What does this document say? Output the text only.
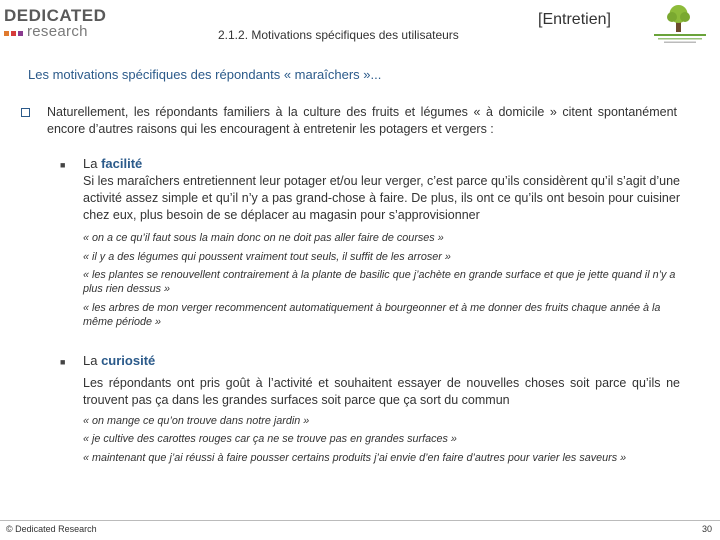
DEDICATED
research	2.1.2. Motivations spécifiques des utilisateurs
[Entretien]
Les motivations spécifiques des répondants « maraîchers »...
Naturellement, les répondants familiers à la culture des fruits et légumes « à domicile » citent spontanément encore d’autres raisons qui les encouragent à entretenir les potagers et vergers :
■ La facilité
Si les maraîchers entretiennent leur potager et/ou leur verger, c’est parce qu’ils considèrent qu’il s’agit d’une activité assez simple et qu’il n’y a pas grand-chose à faire. De plus, ils ont ce qu’ils ont besoin pour cuisiner chez eux, plus besoin de se déplacer au magasin pour s’approvisionner
« on a ce qu’il faut sous la main donc on ne doit pas aller faire de courses »
« il y a des légumes qui poussent vraiment tout seuls, il suffit de les arroser »
« les plantes se renouvellent contrairement à la plante de basilic que j’achète en grande surface et que je jette quand il n’y a plus rien dessus »
« les arbres de mon verger recommencent automatiquement à bourgeonner et à me donner des fruits chaque année à la même période »
■ La curiosité
Les répondants ont pris goût à l’activité et souhaitent essayer de nouvelles choses soit parce qu’ils ne trouvent pas ça dans les grandes surfaces soit parce que ça sort du commun
« on mange ce qu’on trouve dans notre jardin »
« je cultive des carottes rouges car ça ne se trouve pas en grandes surfaces »
« maintenant que j’ai réussi à faire pousser certains produits j’ai envie d’en faire d’autres pour varier les saveurs »
© Dedicated Research	30
